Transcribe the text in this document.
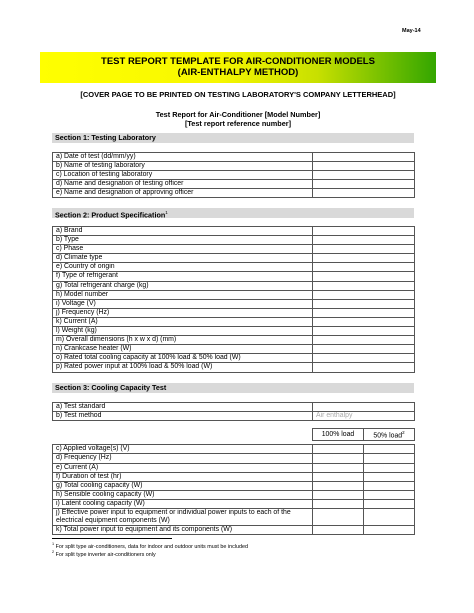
May-14
TEST REPORT TEMPLATE FOR AIR-CONDITIONER MODELS
(AIR-ENTHALPY METHOD)
[COVER PAGE TO BE PRINTED ON TESTING LABORATORY'S COMPANY LETTERHEAD]
Test Report for Air-Conditioner [Model Number]
[Test report reference number]
Section 1: Testing Laboratory
a) Date of test (dd/mm/yy)	
b) Name of testing laboratory	
c) Location of testing laboratory	
d) Name and designation of testing officer	
e) Name and designation of approving officer	
Section 2: Product Specification$^1$
a) Brand	
b) Type	
c) Phase	
d) Climate type	
e) Country of origin	
f) Type of refrigerant	
g) Total refrigerant charge (kg)	
h) Model number	
i) Voltage (V)	
j) Frequency (Hz)	
k) Current (A)	
l) Weight (kg)	
m) Overall dimensions (h x w x d) (mm)	
n) Crankcase heater (W)	
o) Rated total cooling capacity at 100% load & 50% load (W)	
p) Rated power input at 100% load & 50% load (W)	
Section 3: Cooling Capacity Test
a) Test standard	
b) Test method	Air enthalpy
	100% load	50% load$^2$

c) Applied voltage(s) (V)		
d) Frequency (Hz)		
e) Current (A)		
f) Duration of test (hr)		
g) Total cooling capacity (W)		
h) Sensible cooling capacity (W)		
i) Latent cooling capacity (W)		
j) Effective power input to equipment or individual power inputs to each of the electrical equipment components (W)		
k) Total power input to equipment and its components (W)		
$^1$ For split type air-conditioners, data for indoor and outdoor units must be included
$^2$ For split type inverter air-conditioners only
